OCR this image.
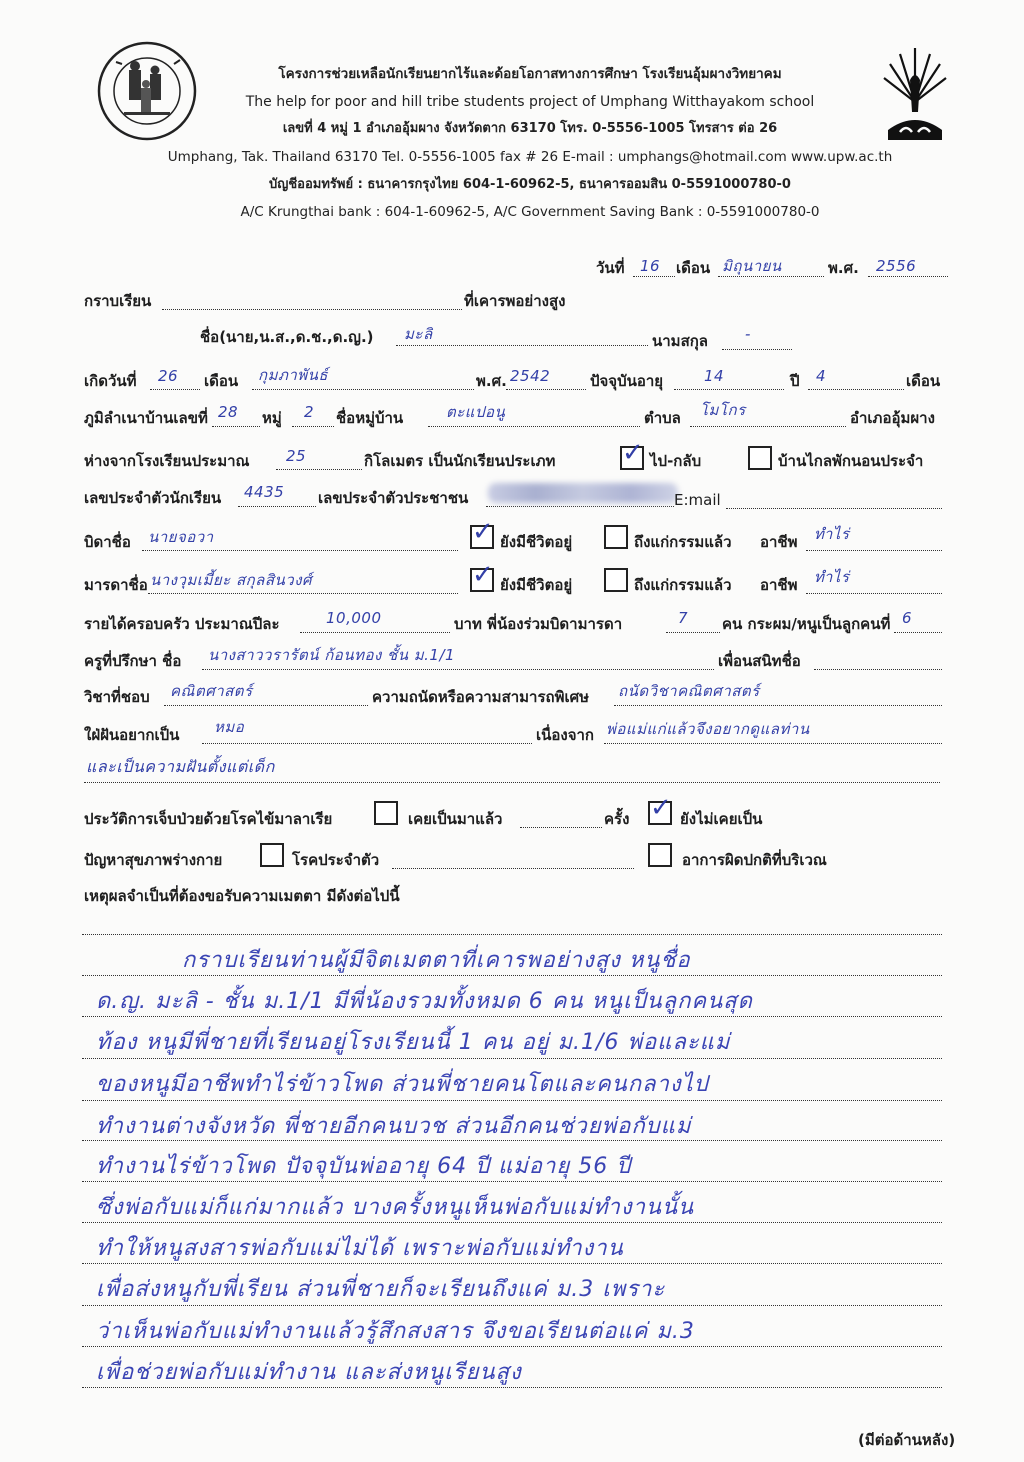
โครงการช่วยเหลือนักเรียนยากไร้และด้อยโอกาสทางการศึกษา โรงเรียนอุ้มผางวิทยาคม
The help for poor and hill tribe students project of Umphang Witthayakom school
เลขที่ 4 หมู่ 1 อำเภออุ้มผาง จังหวัดตาก 63170 โทร. 0-5556-1005 โทรสาร ต่อ 26
Umphang, Tak. Thailand 63170 Tel. 0-5556-1005 fax # 26 E-mail : umphangs@hotmail.com www.upw.ac.th
บัญชีออมทรัพย์ : ธนาคารกรุงไทย 604-1-60962-5, ธนาคารออมสิน 0-5591000780-0
A/C Krungthai bank : 604-1-60962-5, A/C Government Saving Bank : 0-5591000780-0
วันที่ 16 เดือน มิถุนายน	พ.ศ. 2556
กราบเรียน	ที่เคารพอย่างสูง
ชื่อ(นาย,น.ส.,ด.ช.,ด.ญ.) มะลิ	นามสกุล -
เกิดวันที่ 26 เดือน กุมภาพันธ์	พ.ศ. 2542	ปัจจุบันอายุ	14	ปี 4	เดือน
ภูมิลำเนาบ้านเลขที่ 28 หมู่ 2 ชื่อหมู่บ้าน	ตะแปอนู	ตำบล โมโกร	อำเภออุ้มผาง
ห่างจากโรงเรียนประมาณ 25	กิโลเมตร เป็นนักเรียนประเภท	✓ ไป-กลับ	บ้านไกลพักนอนประจำ
เลขประจำตัวนักเรียน 4435 เลขประจำตัวประชาชน	E:mail
บิดาชื่อ นายจอวา	✓ ยังมีชีวิตอยู่	ถึงแก่กรรมแล้ว อาชีพ ทำไร่
มารดาชื่อ นางวุมเมี้ยะ สกุลสินวงศ์	✓ ยังมีชีวิตอยู่	ถึงแก่กรรมแล้ว อาชีพ ทำไร่
รายได้ครอบครัว ประมาณปีละ	10,000	บาท พี่น้องร่วมบิดามารดา	7 คน กระผม/หนูเป็นลูกคนที่ 6
ครูที่ปรึกษา ชื่อ นางสาววรารัตน์ ก้อนทอง ชั้น ม.1/1	เพื่อนสนิทชื่อ
วิชาที่ชอบ คณิตศาสตร์	ความถนัดหรือความสามารถพิเศษ ถนัดวิชาคณิตศาสตร์
ใฝ่ฝันอยากเป็น หมอ	เนื่องจาก พ่อแม่แก่แล้วจึงอยากดูแลท่าน
และเป็นความฝันตั้งแต่เด็ก
ประวัติการเจ็บป่วยด้วยโรคไข้มาลาเรีย	เคยเป็นมาแล้ว	ครั้ง ✓ ยังไม่เคยเป็น
ปัญหาสุขภาพร่างกาย	โรคประจำตัว	อาการผิดปกติที่บริเวณ
เหตุผลจำเป็นที่ต้องขอรับความเมตตา มีดังต่อไปนี้
กราบเรียนท่านผู้มีจิตเมตตาที่เคารพอย่างสูง หนูชื่อ
ด.ญ. มะลิ - ชั้น ม.1/1 มีพี่น้องรวมทั้งหมด 6 คน หนูเป็นลูกคนสุด
ท้อง หนูมีพี่ชายที่เรียนอยู่โรงเรียนนี้ 1 คน อยู่ ม.1/6 พ่อและแม่
ของหนูมีอาชีพทำไร่ข้าวโพด ส่วนพี่ชายคนโตและคนกลางไป
ทำงานต่างจังหวัด พี่ชายอีกคนบวช ส่วนอีกคนช่วยพ่อกับแม่
ทำงานไร่ข้าวโพด ปัจจุบันพ่ออายุ 64 ปี แม่อายุ 56 ปี
ซึ่งพ่อกับแม่ก็แก่มากแล้ว บางครั้งหนูเห็นพ่อกับแม่ทำงานนั้น
ทำให้หนูสงสารพ่อกับแม่ไม่ได้ เพราะพ่อกับแม่ทำงาน
เพื่อส่งหนูกับพี่เรียน ส่วนพี่ชายก็จะเรียนถึงแค่ ม.3 เพราะ
ว่าเห็นพ่อกับแม่ทำงานแล้วรู้สึกสงสาร จึงขอเรียนต่อแค่ ม.3
เพื่อช่วยพ่อกับแม่ทำงาน และส่งหนูเรียนสูง
(มีต่อด้านหลัง)
